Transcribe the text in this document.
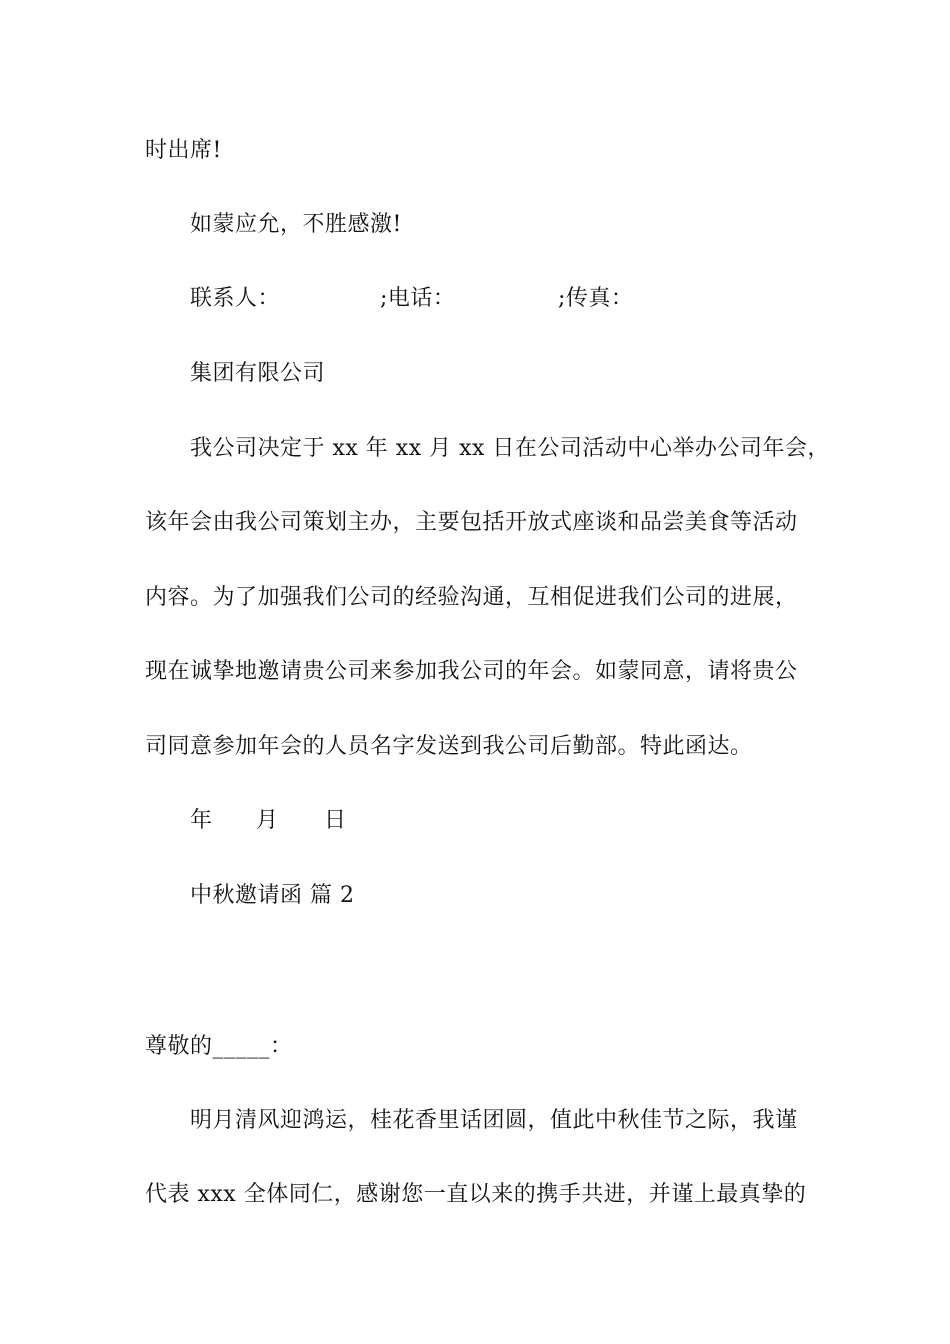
时出席!
如蒙应允，不胜感激!
联系人：	;电话：	;传真：
集团有限公司
我公司决定于 xx 年 xx 月 xx 日在公司活动中心举办公司年会，
该年会由我公司策划主办，主要包括开放式座谈和品尝美食等活动
内容。为了加强我们公司的经验沟通，互相促进我们公司的进展，
现在诚挚地邀请贵公司来参加我公司的年会。如蒙同意，请将贵公
司同意参加年会的人员名字发送到我公司后勤部。特此函达。
年 月 日
中秋邀请函 篇 2
尊敬的_____：
明月清风迎鸿运，桂花香里话团圆，值此中秋佳节之际，我谨
代表 xxx 全体同仁，感谢您一直以来的携手共进，并谨上最真挚的
